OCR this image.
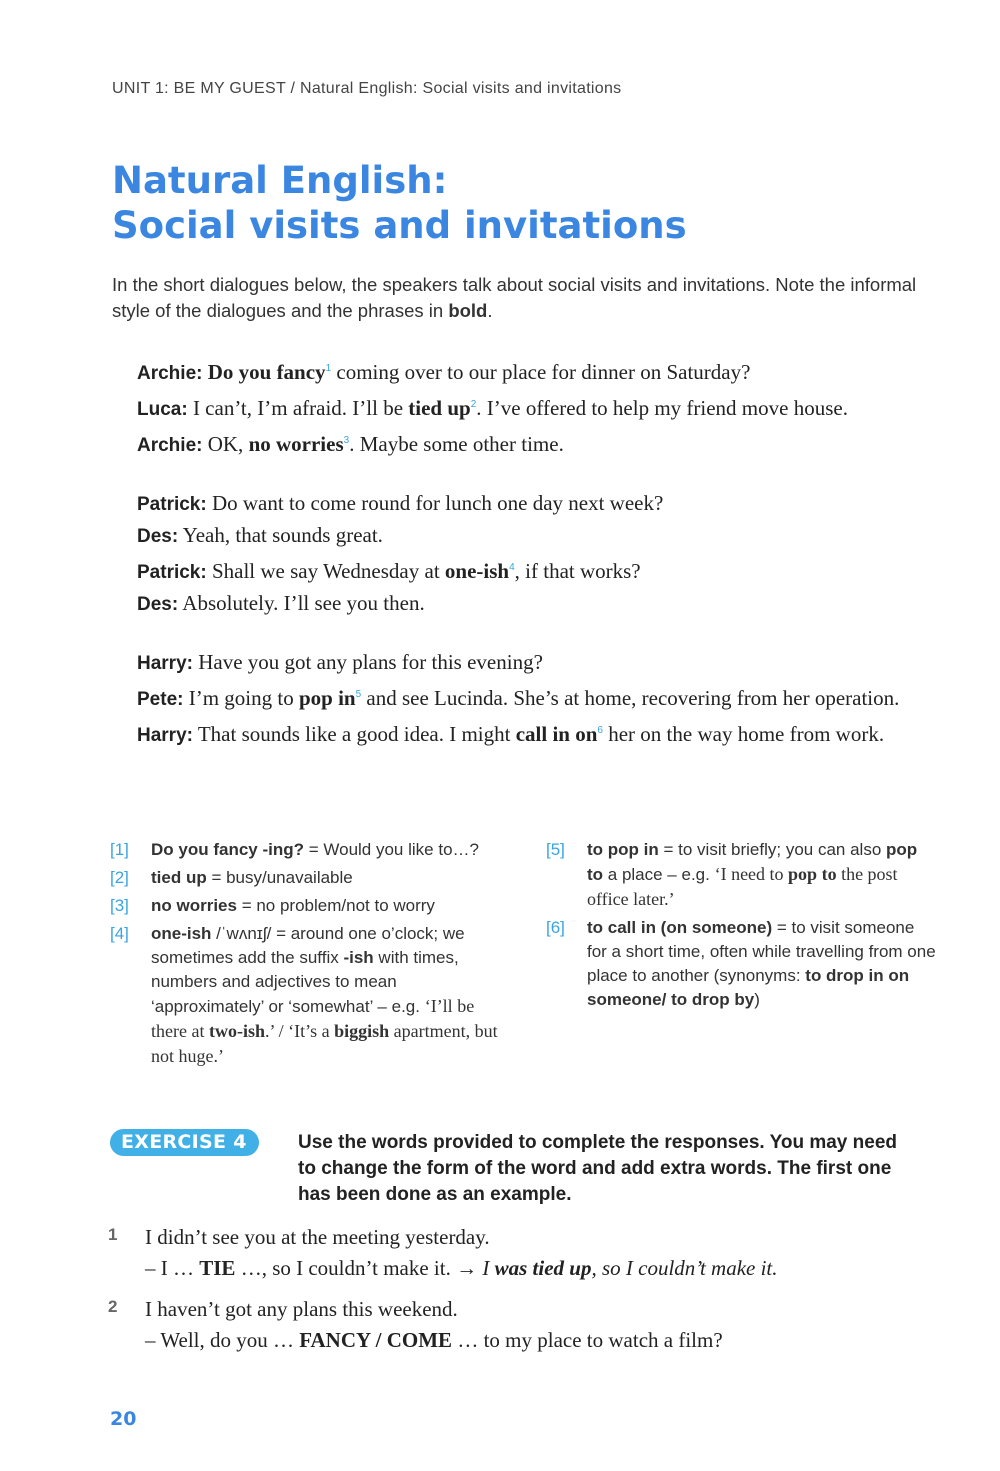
UNIT 1: BE MY GUEST / Natural English: Social visits and invitations
Natural English:
Social visits and invitations

In the short dialogues below, the speakers talk about social visits and invitations. Note the informal style of the dialogues and the phrases in bold.

Archie: Do you fancy$^1$ coming over to our place for dinner on Saturday?
Luca: I can’t, I’m afraid. I’ll be tied $up^2$. I’ve offered to help my friend move house.
Archie: OK, no worries$^3$. Maybe some other time.
Patrick: Do want to come round for lunch one day next week?
Des: Yeah, that sounds great.
Patrick: Shall we say Wednesday at one-ish$^4$, if that works?
Des: Absolutely. I’ll see you then.
Harry: Have you got any plans for this evening?
Pete: I’m going to pop $in^5$ and see Lucinda. She’s at home, recovering from her operation.
Harry: That sounds like a good idea. I might call in $on^6$ her on the way home from work.
[1]	Do you fancy -ing? = Would you like to…?
[2]	tied up = busy/unavailable
[3]	no worries = no problem/not to worry
[4]	one-ish /ˈwʌnɪʃ/ = around one o’clock; we sometimes add the suffix -ish with times, numbers and adjectives to mean ‘approximately’ or ‘somewhat’ – e.g. ‘I’ll be there at two-ish.’ / ‘It’s a biggish apartment, but not huge.’
[5]	to pop in = to visit briefly; you can also pop to a place – e.g. ‘I need to pop to the post office later.’
[6]	to call in (on someone) = to visit someone for a short time, often while travelling from one place to another (synonyms: to drop in on someone/ to drop by)
EXERCISE 4	Use the words provided to complete the responses. You may need to change the form of the word and add extra words. The first one has been done as an example.

1	I didn’t see you at the meeting yesterday.
– I … TIE …, so I couldn’t make it. → I was tied up, so I couldn’t make it.
2	I haven’t got any plans this weekend.
– Well, do you … FANCY / COME … to my place to watch a film?
20
